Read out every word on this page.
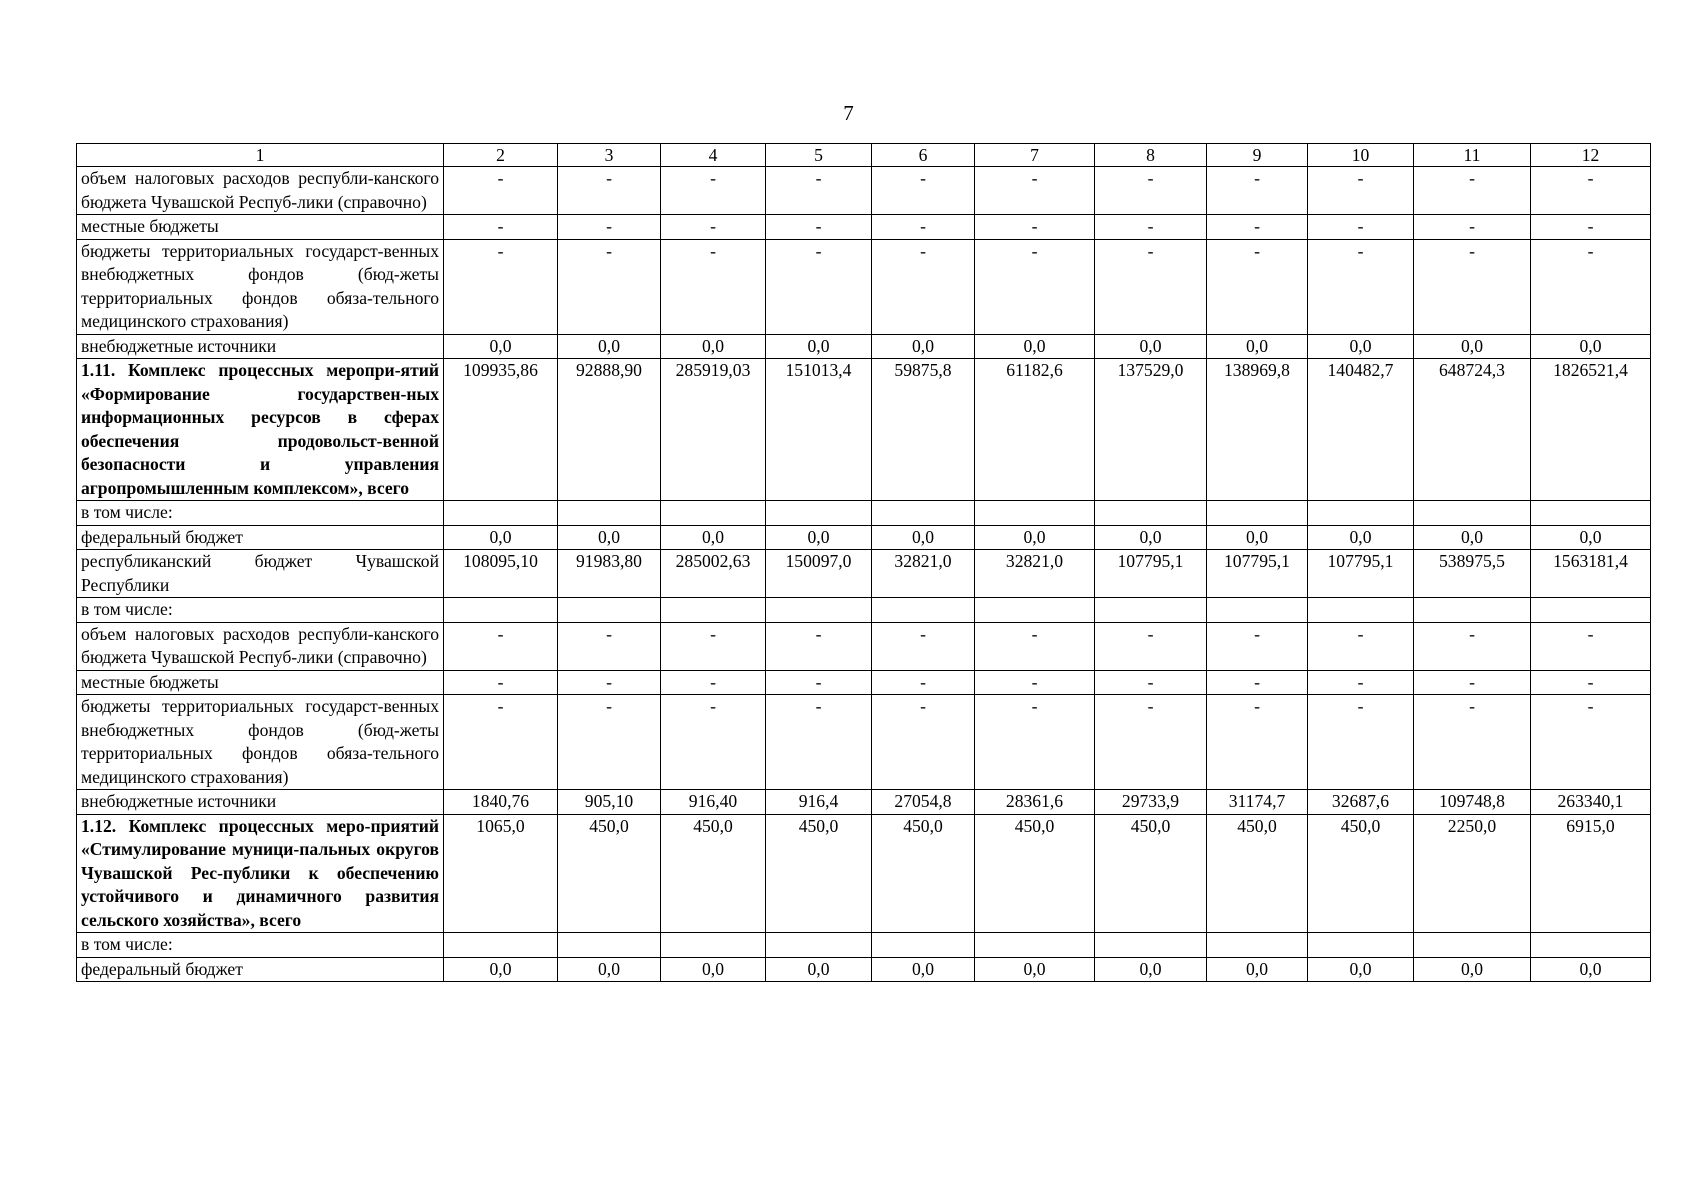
7
1	2	3	4	5	6	7	8	9	10	11	12
объем налоговых расходов республи-канского бюджета Чувашской Респуб-лики (справочно)	-	-	-	-	-	-	-	-	-	-	-
местные бюджеты	-	-	-	-	-	-	-	-	-	-	-
бюджеты территориальных государст-венных внебюджетных фондов (бюд-жеты территориальных фондов обяза-тельного медицинского страхования)	-	-	-	-	-	-	-	-	-	-	-
внебюджетные источники	0,0	0,0	0,0	0,0	0,0	0,0	0,0	0,0	0,0	0,0	0,0
1.11. Комплекс процессных меропри-ятий «Формирование государствен-ных информационных ресурсов в сферах обеспечения продовольст-венной безопасности и управления агропромышленным комплексом», всего	109935,86	92888,90	285919,03	151013,4	59875,8	61182,6	137529,0	138969,8	140482,7	648724,3	1826521,4
в том числе:											
федеральный бюджет	0,0	0,0	0,0	0,0	0,0	0,0	0,0	0,0	0,0	0,0	0,0
республиканский бюджет Чувашской Республики	108095,10	91983,80	285002,63	150097,0	32821,0	32821,0	107795,1	107795,1	107795,1	538975,5	1563181,4
в том числе:											
объем налоговых расходов республи-канского бюджета Чувашской Респуб-лики (справочно)	-	-	-	-	-	-	-	-	-	-	-
местные бюджеты	-	-	-	-	-	-	-	-	-	-	-
бюджеты территориальных государст-венных внебюджетных фондов (бюд-жеты территориальных фондов обяза-тельного медицинского страхования)	-	-	-	-	-	-	-	-	-	-	-
внебюджетные источники	1840,76	905,10	916,40	916,4	27054,8	28361,6	29733,9	31174,7	32687,6	109748,8	263340,1
1.12. Комплекс процессных меро-приятий «Стимулирование муници-пальных округов Чувашской Рес-публики к обеспечению устойчивого и динамичного развития сельского хозяйства», всего	1065,0	450,0	450,0	450,0	450,0	450,0	450,0	450,0	450,0	2250,0	6915,0
в том числе:											
федеральный бюджет	0,0	0,0	0,0	0,0	0,0	0,0	0,0	0,0	0,0	0,0	0,0
